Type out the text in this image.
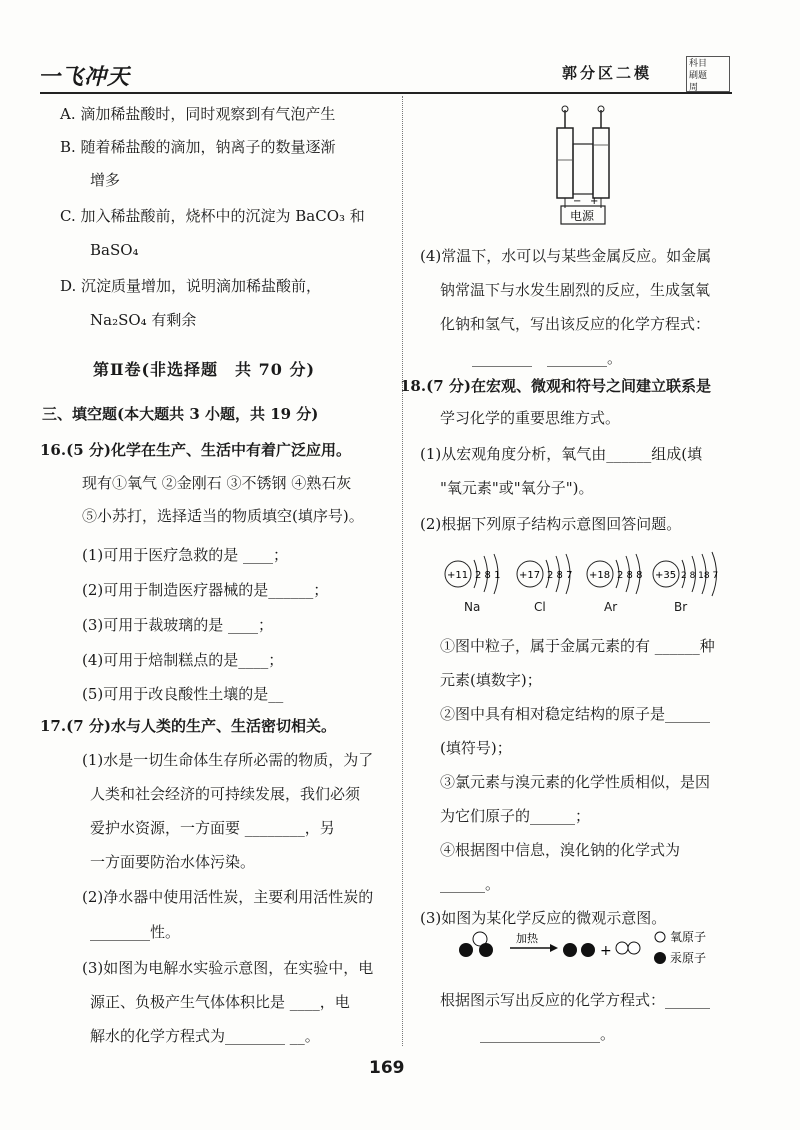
一飞冲天	郭分区二模	科目
刷题
周
A. 滴加稀盐酸时，同时观察到有气泡产生
B. 随着稀盐酸的滴加，钠离子的数量逐渐
增多
C. 加入稀盐酸前，烧杯中的沉淀为 BaCO₃ 和
BaSO₄
D. 沉淀质量增加，说明滴加稀盐酸前，
Na₂SO₄ 有剩余
第Ⅱ卷(非选择题　共 70 分)
三、填空题(本大题共 3 小题，共 19 分)
16.(5 分)化学在生产、生活中有着广泛应用。
现有①氧气 ②金刚石 ③不锈钢 ④熟石灰
⑤小苏打，选择适当的物质填空(填序号)。
(1)可用于医疗急救的是 ____；
(2)可用于制造医疗器械的是______；
(3)可用于裁玻璃的是 ____；
(4)可用于焙制糕点的是____；
(5)可用于改良酸性土壤的是__
17.(7 分)水与人类的生产、生活密切相关。
(1)水是一切生命体生存所必需的物质，为了
人类和社会经济的可持续发展，我们必须
爱护水资源，一方面要 ________，另
一方面要防治水体污染。
(2)净水器中使用活性炭，主要利用活性炭的
________性。
(3)如图为电解水实验示意图，在实验中，电
源正、负极产生气体体积比是 ____，电
解水的化学方程式为________ __。
− +
电源
(4)常温下，水可以与某些金属反应。如金属
钠常温下与水发生剧烈的反应，生成氢氧
化钠和氢气，写出该反应的化学方程式：
________　________。
18.(7 分)在宏观、微观和符号之间建立联系是
学习化学的重要思维方式。
(1)从宏观角度分析，氧气由______组成(填
"氧元素"或"氧分子")。
(2)根据下列原子结构示意图回答问题。
+11 2 8 1 +17 2 8 7 +18 2 8 8 +35 2 8 18 7
Na	Cl	Ar	Br
①图中粒子，属于金属元素的有 ______种
元素(填数字)；
②图中具有相对稳定结构的原子是______
(填符号)；
③氯元素与溴元素的化学性质相似，是因
为它们原子的______；
④根据图中信息，溴化钠的化学式为
______。
(3)如图为某化学反应的微观示意图。
加热
+
氧原子
汞原子
根据图示写出反应的化学方程式：______
________________。
169
